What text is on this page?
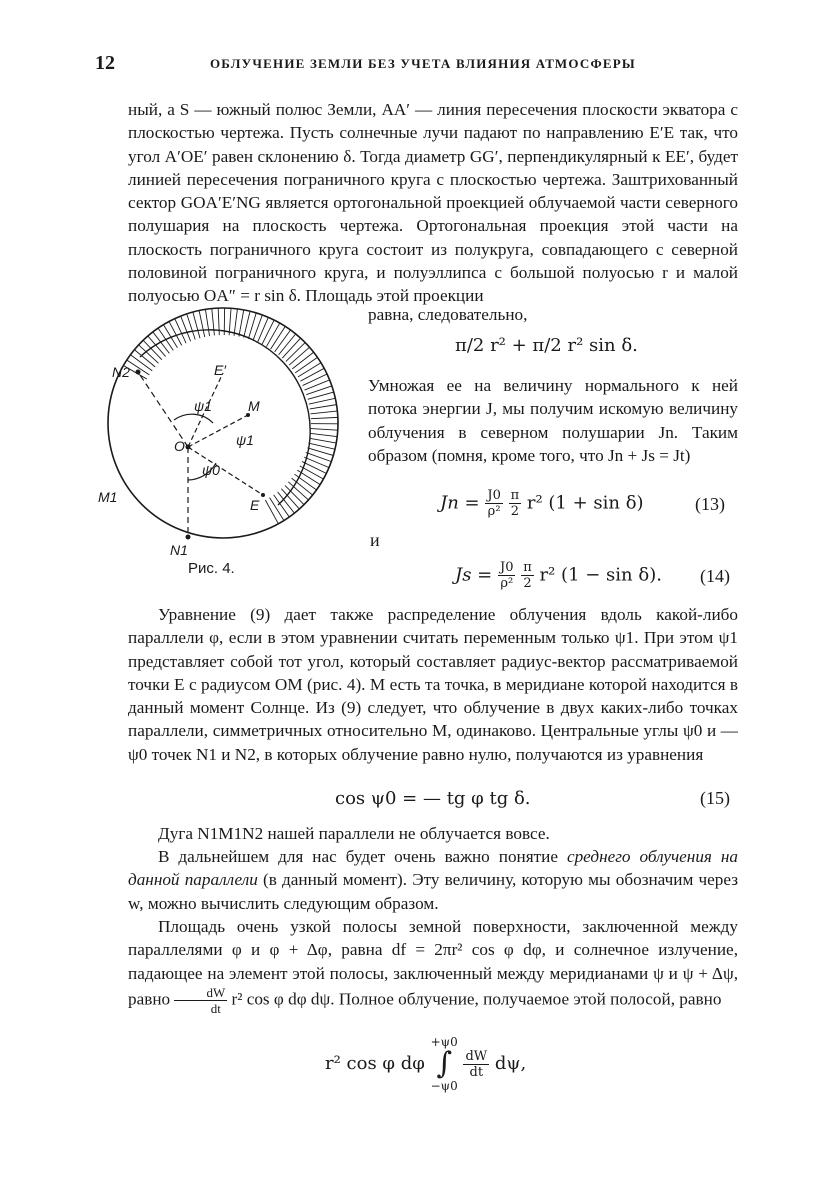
12	ОБЛУЧЕНИЕ ЗЕМЛИ БЕЗ УЧЕТА ВЛИЯНИЯ АТМОСФЕРЫ

ный, а S — южный полюс Земли, AA′ — линия пересечения плоскости экватора с плоскостью чертежа. Пусть солнечные лучи падают по направлению E′E так, что угол A′OE′ равен склонению δ. Тогда диаметр GG′, перпендикулярный к EE′, будет линией пересечения пограничного круга с плоскостью чертежа. Заштрихованный сектор GOA′E′NG является ортогональной проекцией облучаемой части северного полушария на плоскость чертежа. Ортогональная проекция этой части на плоскость пограничного круга состоит из полукруга, совпадающего с северной половиной пограничного круга, и полуэллипса с большой полуосью r и малой полуосью OA″ = r sin δ. Площадь этой проекции

равна, следовательно,

π/2 r² + π/2 r² sin δ.

Умножая ее на величину нормального к ней потока энергии J, мы получим искомую величину облучения в северном полушарии Jn. Таким образом (помня, кроме того, что Jn + Js = Jt)

$Jn = \frac{J0}{\text{ρ²}}$
$\frac{\pi}{2} r^2$ (1 + sin δ)	(13)
и
$Js = \frac{J0}{\text{ρ²}}$
$\frac{\pi}{2} r^2$ (1 − sin δ). (14)
N2	E′
ψ1
ψ1
M
O
ψ0
E
M1
N1
Рис. 4.

Уравнение (9) дает также распределение облучения вдоль какой-либо параллели φ, если в этом уравнении считать переменным только ψ1. При этом ψ1 представляет собой тот угол, который составляет радиус-вектор рассматриваемой точки E с радиусом OM (рис. 4). M есть та точка, в меридиане которой находится в данный момент Солнце. Из (9) следует, что облучение в двух каких-либо точках параллели, симметричных относительно M, одинаково. Центральные углы ψ0 и — ψ0 точек N1 и N2, в которых облучение равно нулю, получаются из уравнения

cos ψ0 = — tg φ tg δ.	(15)

Дуга N1M1N2 нашей параллели не облучается вовсе.

В дальнейшем для нас будет очень важно понятие среднего облучения на данной параллели (в данный момент). Эту величину, которую мы обозначим через w, можно вычислить следующим образом.

Площадь очень узкой полосы земной поверхности, заключенной между параллелями φ и φ + Δφ, равна df = 2πr² cos φ dφ, и солнечное излучение, падающее на элемент этой полосы, заключенный между меридианами ψ и ψ + Δψ, равно $\frac{dW}{dt} r^2$ cos φ dφ dψ. Полное облучение, получаемое этой полосой, равно

r² cos φ dφ
+ψ0
∫
−ψ0

$\frac{dW}{dt} d\psi$,
